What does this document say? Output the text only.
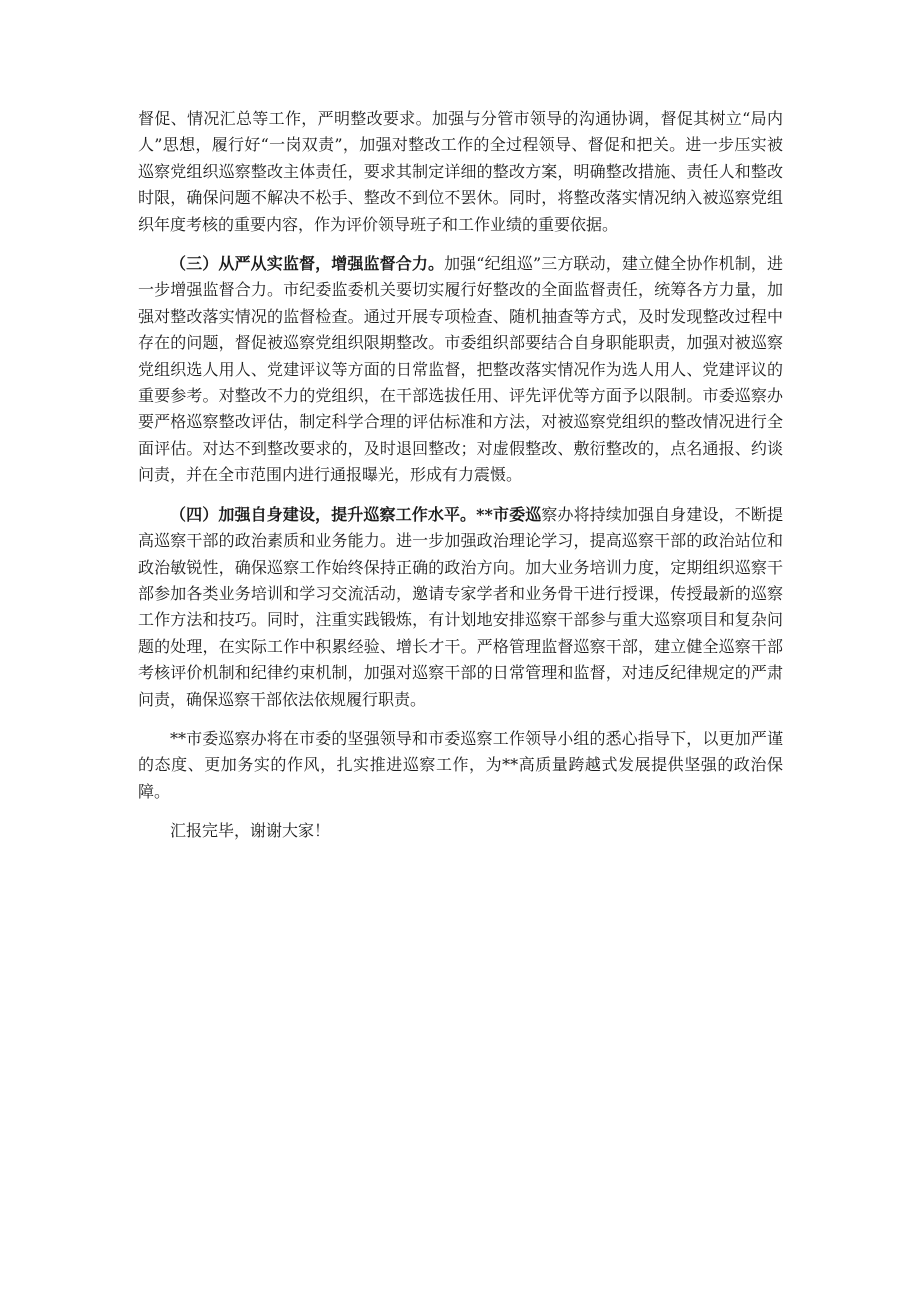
督促、情况汇总等工作，严明整改要求。加强与分管市领导的沟通协调，督促其树立“局内人”思想，履行好“一岗双责”，加强对整改工作的全过程领导、督促和把关。进一步压实被巡察党组织巡察整改主体责任，要求其制定详细的整改方案，明确整改措施、责任人和整改时限，确保问题不解决不松手、整改不到位不罢休。同时，将整改落实情况纳入被巡察党组织年度考核的重要内容，作为评价领导班子和工作业绩的重要依据。

（三）从严从实监督，增强监督合力。加强“纪组巡”三方联动，建立健全协作机制，进一步增强监督合力。市纪委监委机关要切实履行好整改的全面监督责任，统筹各方力量，加强对整改落实情况的监督检查。通过开展专项检查、随机抽查等方式，及时发现整改过程中存在的问题，督促被巡察党组织限期整改。市委组织部要结合自身职能职责，加强对被巡察党组织选人用人、党建评议等方面的日常监督，把整改落实情况作为选人用人、党建评议的重要参考。对整改不力的党组织，在干部选拔任用、评先评优等方面予以限制。市委巡察办要严格巡察整改评估，制定科学合理的评估标准和方法，对被巡察党组织的整改情况进行全面评估。对达不到整改要求的，及时退回整改；对虚假整改、敷衍整改的，点名通报、约谈问责，并在全市范围内进行通报曝光，形成有力震慑。

（四）加强自身建设，提升巡察工作水平。**市委巡察办将持续加强自身建设，不断提高巡察干部的政治素质和业务能力。进一步加强政治理论学习，提高巡察干部的政治站位和政治敏锐性，确保巡察工作始终保持正确的政治方向。加大业务培训力度，定期组织巡察干部参加各类业务培训和学习交流活动，邀请专家学者和业务骨干进行授课，传授最新的巡察工作方法和技巧。同时，注重实践锻炼，有计划地安排巡察干部参与重大巡察项目和复杂问题的处理，在实际工作中积累经验、增长才干。严格管理监督巡察干部，建立健全巡察干部考核评价机制和纪律约束机制，加强对巡察干部的日常管理和监督，对违反纪律规定的严肃问责，确保巡察干部依法依规履行职责。

**市委巡察办将在市委的坚强领导和市委巡察工作领导小组的悉心指导下，以更加严谨的态度、更加务实的作风，扎实推进巡察工作，为**高质量跨越式发展提供坚强的政治保障。

汇报完毕，谢谢大家！
